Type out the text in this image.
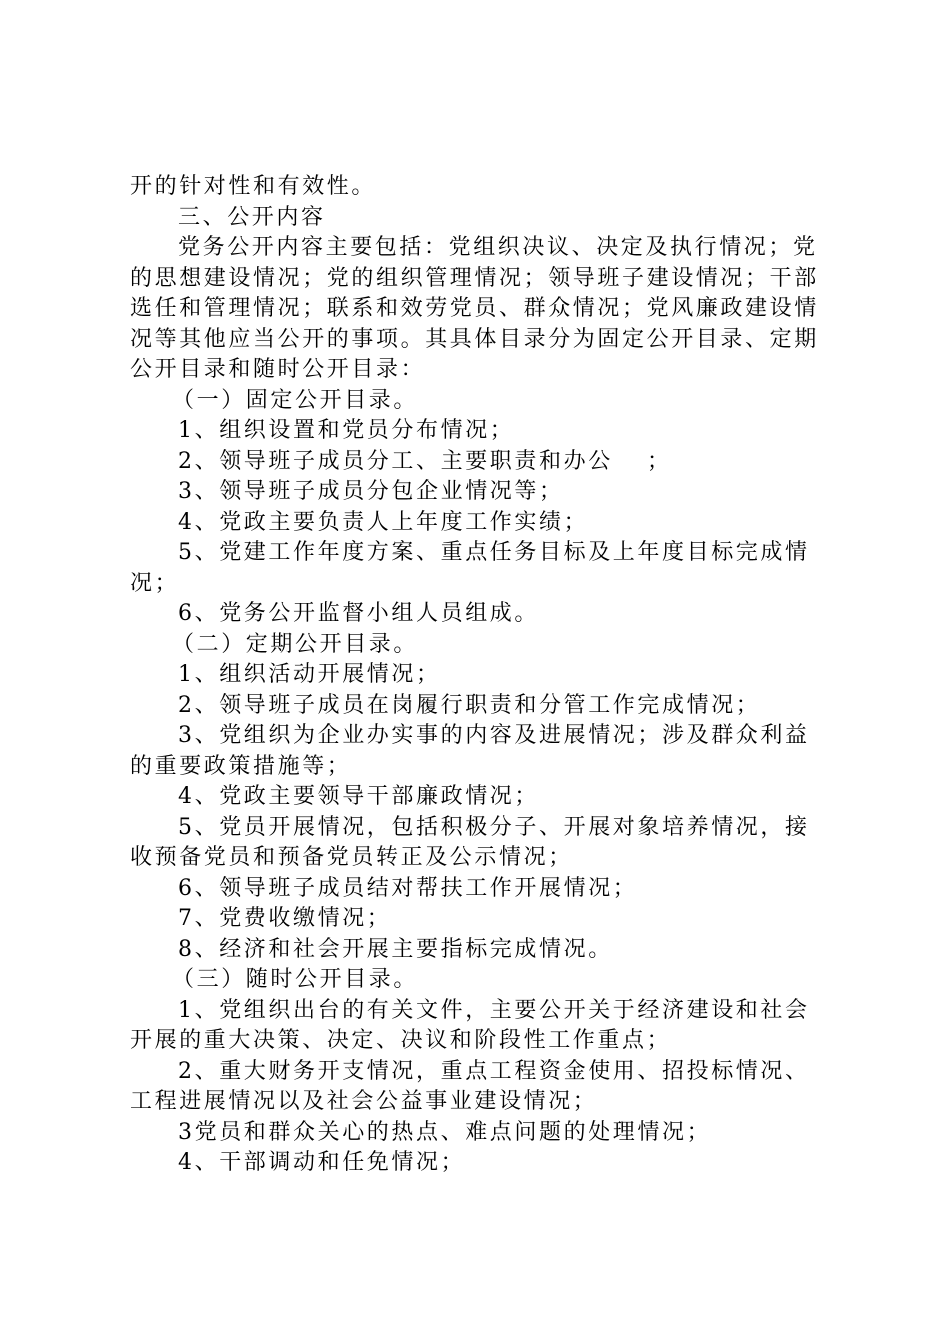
开的针对性和有效性。

三、公开内容

党务公开内容主要包括：党组织决议、决定及执行情况；党的思想建设情况；党的组织管理情况；领导班子建设情况；干部选任和管理情况；联系和效劳党员、群众情况；党风廉政建设情况等其他应当公开的事项。其具体目录分为固定公开目录、定期公开目录和随时公开目录：

（一）固定公开目录。

1、组织设置和党员分布情况；

2、领导班子成员分工、主要职责和办公　 ；

3、领导班子成员分包企业情况等；

4、党政主要负责人上年度工作实绩；

5、党建工作年度方案、重点任务目标及上年度目标完成情况；

6、党务公开监督小组人员组成。

（二）定期公开目录。

1、组织活动开展情况；

2、领导班子成员在岗履行职责和分管工作完成情况；

3、党组织为企业办实事的内容及进展情况；涉及群众利益的重要政策措施等；

4、党政主要领导干部廉政情况；

5、党员开展情况，包括积极分子、开展对象培养情况，接收预备党员和预备党员转正及公示情况；

6、领导班子成员结对帮扶工作开展情况；

7、党费收缴情况；

8、经济和社会开展主要指标完成情况。

（三）随时公开目录。

1、党组织出台的有关文件，主要公开关于经济建设和社会开展的重大决策、决定、决议和阶段性工作重点；

2、重大财务开支情况，重点工程资金使用、招投标情况、工程进展情况以及社会公益事业建设情况；

3党员和群众关心的热点、难点问题的处理情况；

4、干部调动和任免情况；
